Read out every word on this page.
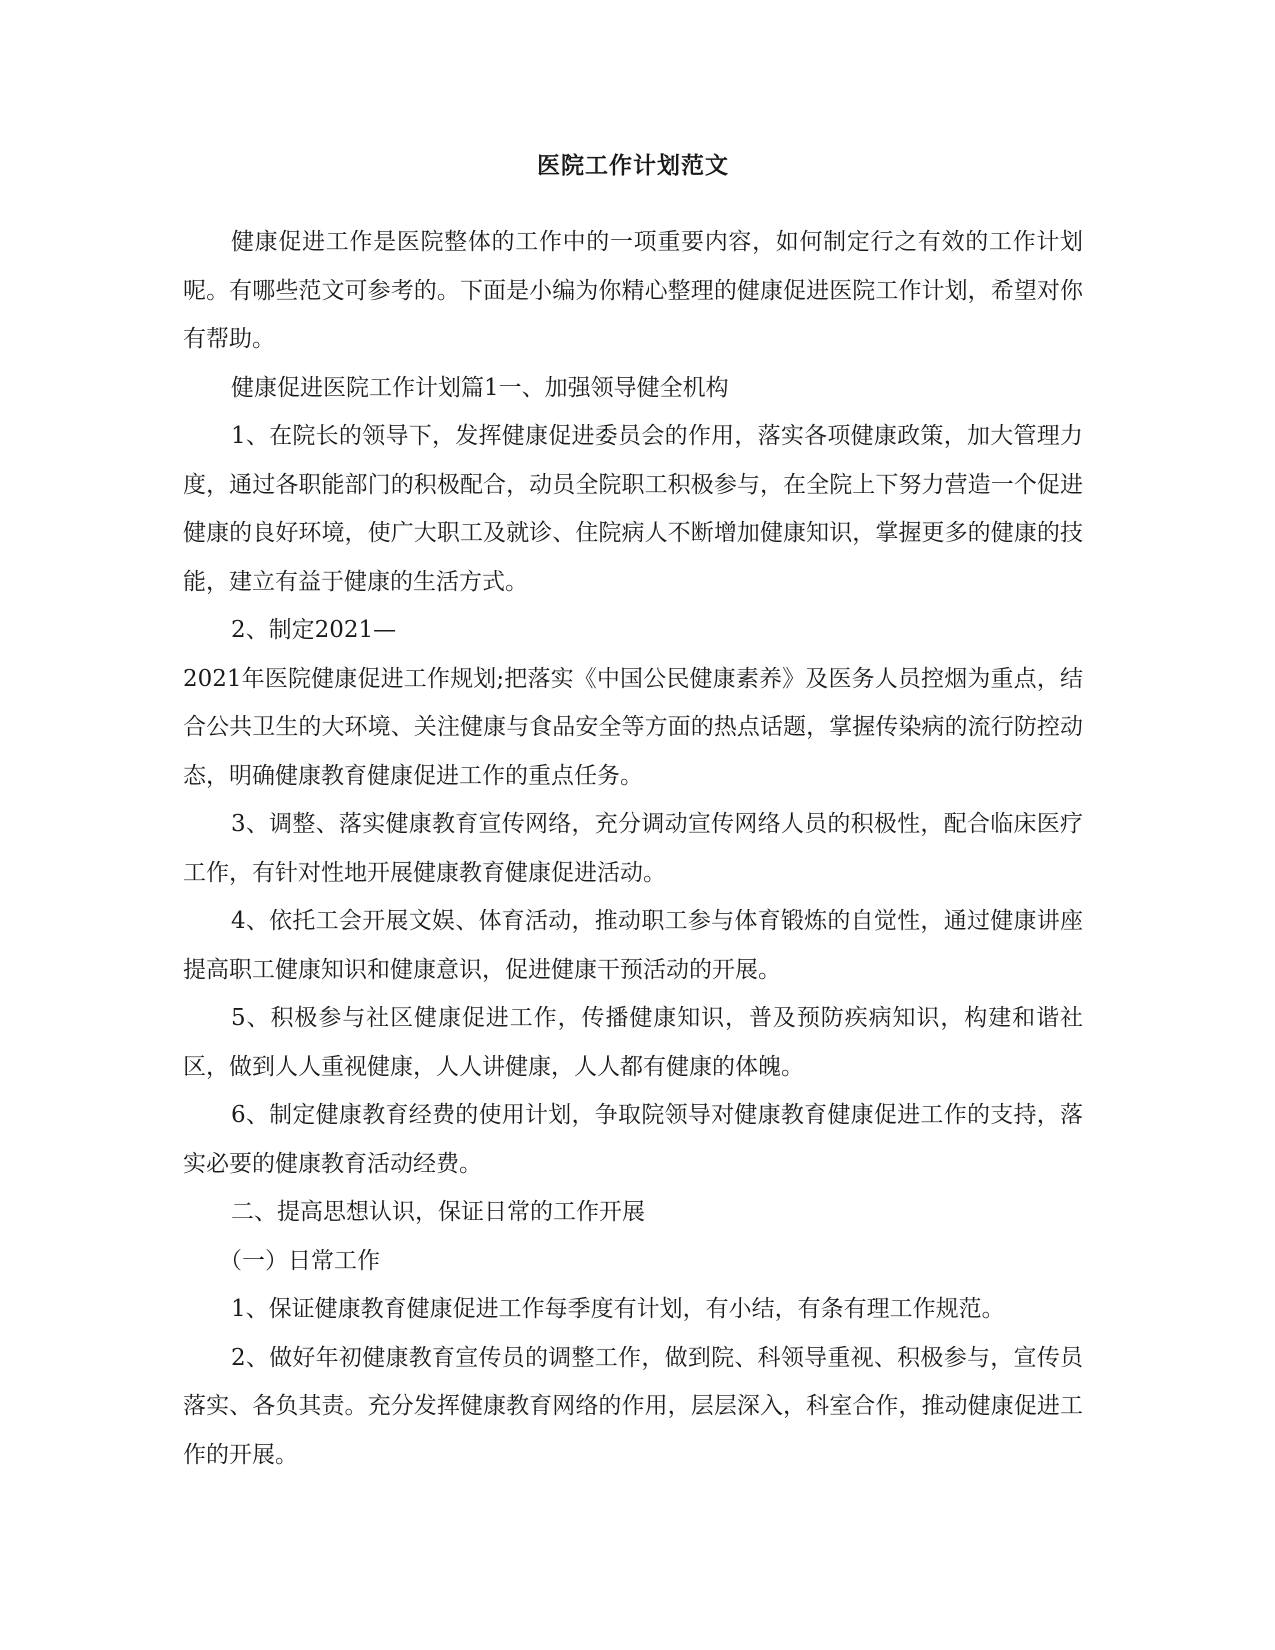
医院工作计划范文

健康促进工作是医院整体的工作中的一项重要内容，如何制定行之有效的工作计划呢。有哪些范文可参考的。下面是小编为你精心整理的健康促进医院工作计划，希望对你有帮助。

健康促进医院工作计划篇1一、加强领导健全机构

1、在院长的领导下，发挥健康促进委员会的作用，落实各项健康政策，加大管理力度，通过各职能部门的积极配合，动员全院职工积极参与，在全院上下努力营造一个促进健康的良好环境，使广大职工及就诊、住院病人不断增加健康知识，掌握更多的健康的技能，建立有益于健康的生活方式。

2、制定2021—

2021年医院健康促进工作规划;把落实《中国公民健康素养》及医务人员控烟为重点，结合公共卫生的大环境、关注健康与食品安全等方面的热点话题，掌握传染病的流行防控动态，明确健康教育健康促进工作的重点任务。

3、调整、落实健康教育宣传网络，充分调动宣传网络人员的积极性，配合临床医疗工作，有针对性地开展健康教育健康促进活动。

4、依托工会开展文娱、体育活动，推动职工参与体育锻炼的自觉性，通过健康讲座提高职工健康知识和健康意识，促进健康干预活动的开展。

5、积极参与社区健康促进工作，传播健康知识，普及预防疾病知识，构建和谐社区，做到人人重视健康，人人讲健康，人人都有健康的体魄。

6、制定健康教育经费的使用计划，争取院领导对健康教育健康促进工作的支持，落实必要的健康教育活动经费。

二、提高思想认识，保证日常的工作开展

（一）日常工作

1、保证健康教育健康促进工作每季度有计划，有小结，有条有理工作规范。

2、做好年初健康教育宣传员的调整工作，做到院、科领导重视、积极参与，宣传员落实、各负其责。充分发挥健康教育网络的作用，层层深入，科室合作，推动健康促进工作的开展。
